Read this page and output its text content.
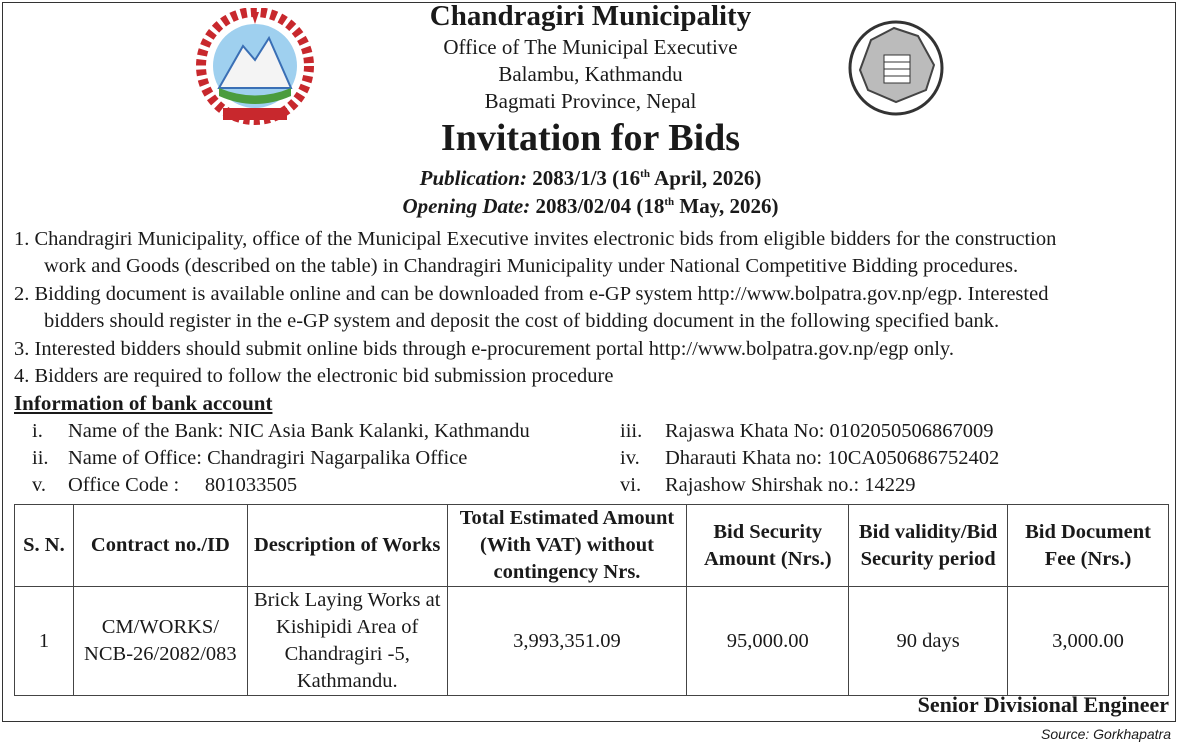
Chandragiri Municipality
Office of The Municipal Executive
Balambu, Kathmandu
Bagmati Province, Nepal
Invitation for Bids
Publication: 2083/1/3 (16th April, 2026)
Opening Date: 2083/02/04 (18th May, 2026)
1. Chandragiri Municipality, office of the Municipal Executive invites electronic bids from eligible bidders for the construction
work and Goods (described on the table) in Chandragiri Municipality under National Competitive Bidding procedures.
2. Bidding document is available online and can be downloaded from e-GP system http://www.bolpatra.gov.np/egp. Interested
bidders should register in the e-GP system and deposit the cost of bidding document in the following specified bank.
3. Interested bidders should submit online bids through e-procurement portal http://www.bolpatra.gov.np/egp only.
4. Bidders are required to follow the electronic bid submission procedure
Information of bank account
i. Name of the Bank: NIC Asia Bank Kalanki, Kathmandu
ii. Name of Office: Chandragiri Nagarpalika Office
v. Office Code :     801033505
iii. Rajaswa Khata No: 0102050506867009
iv. Dharauti Khata no: 10CA050686752402
vi. Rajashow Shirshak no.: 14229
S. N.	Contract no./ID	Description of Works	Total Estimated Amount (With VAT) without contingency Nrs.	Bid Security Amount (Nrs.)	Bid validity/Bid Security period	Bid Document Fee (Nrs.)
1	CM/WORKS/ NCB-26/2082/083	Brick Laying Works at Kishipidi Area of Chandragiri -5, Kathmandu.	3,993,351.09	95,000.00	90 days	3,000.00
Senior Divisional Engineer
Source: Gorkhapatra
